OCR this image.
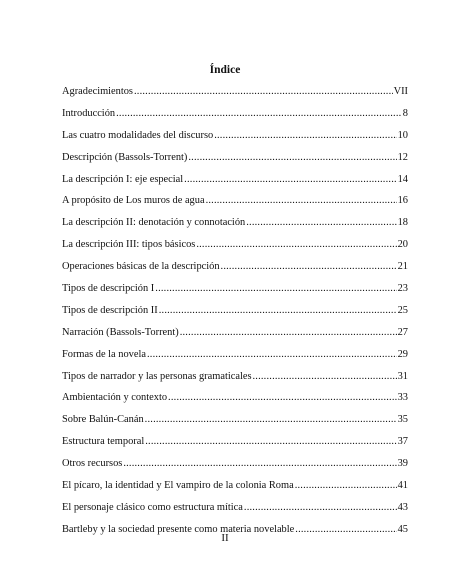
Índice
Agradecimientos .....	VII
Introducción .....	8
Las cuatro modalidades del discurso .....	10
Descripción (Bassols-Torrent) .....	12
La descripción I: eje especial .....	14
A propósito de Los muros de agua .....	16
La descripción II: denotación y connotación .....	18
La descripción III: tipos básicos .....	20
Operaciones básicas de la descripción .....	21
Tipos de descripción I .....	23
Tipos de descripción II .....	25
Narración (Bassols-Torrent) .....	27
Formas de la novela .....	29
Tipos de narrador y las personas gramaticales .....	31
Ambientación y contexto .....	33
Sobre Balún-Canán .....	35
Estructura temporal .....	37
Otros recursos .....	39
El pícaro, la identidad y El vampiro de la colonia Roma .....	41
El personaje clásico como estructura mítica .....	43
Bartleby y la sociedad presente como materia novelable .....	45
II
